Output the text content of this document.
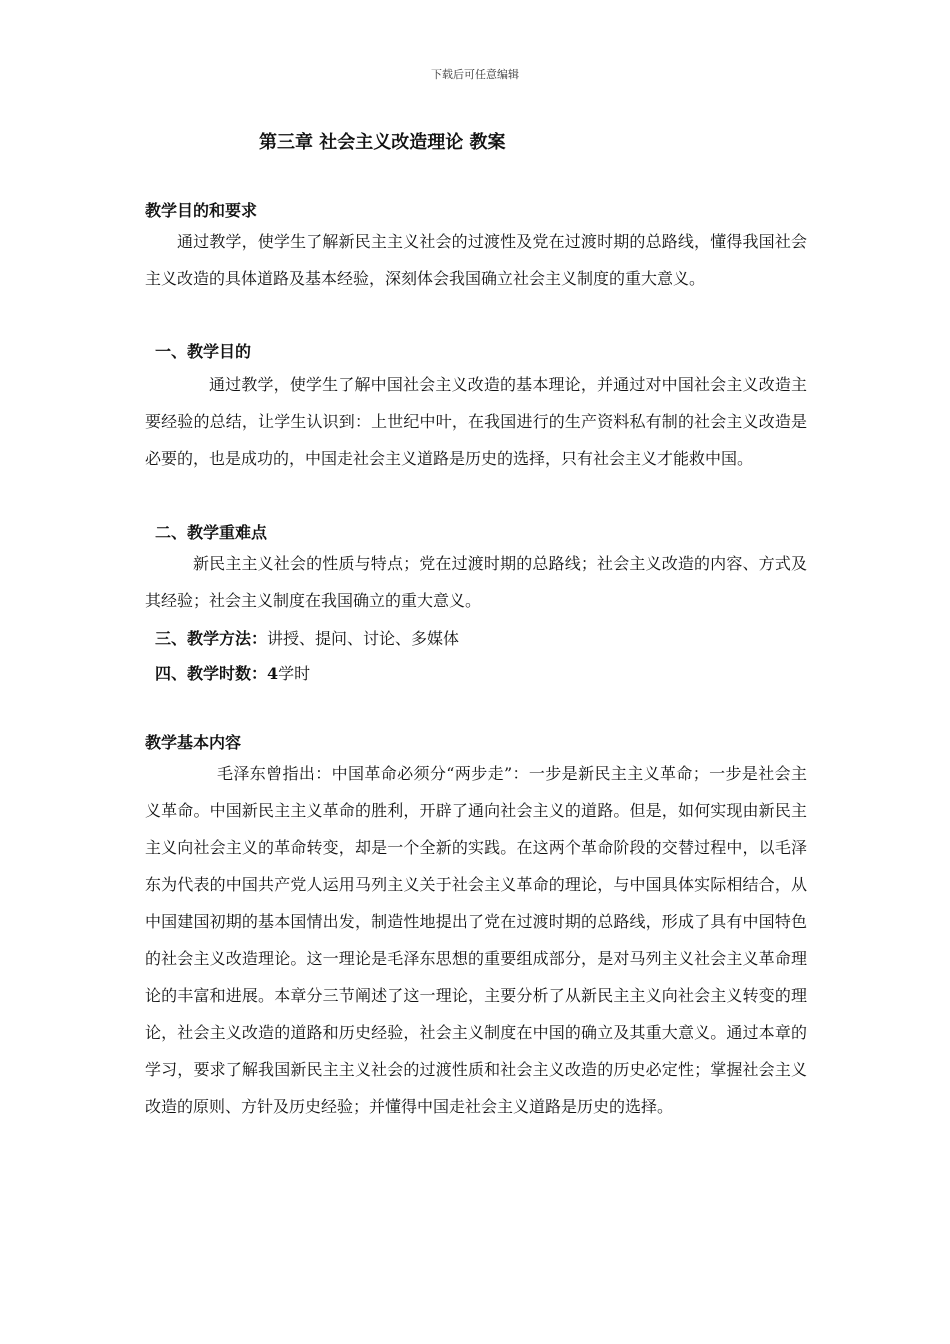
下载后可任意编辑
第三章 社会主义改造理论 教案
教学目的和要求
通过教学，使学生了解新民主主义社会的过渡性及党在过渡时期的总路线，懂得我国社会主义改造的具体道路及基本经验，深刻体会我国确立社会主义制度的重大意义。
一、教学目的
通过教学，使学生了解中国社会主义改造的基本理论，并通过对中国社会主义改造主要经验的总结，让学生认识到：上世纪中叶，在我国进行的生产资料私有制的社会主义改造是必要的，也是成功的，中国走社会主义道路是历史的选择，只有社会主义才能救中国。
二、教学重难点
新民主主义社会的性质与特点；党在过渡时期的总路线；社会主义改造的内容、方式及其经验；社会主义制度在我国确立的重大意义。
三、教学方法：讲授、提问、讨论、多媒体
四、教学时数：4学时
教学基本内容
毛泽东曾指出：中国革命必须分“两步走”：一步是新民主主义革命；一步是社会主义革命。中国新民主主义革命的胜利，开辟了通向社会主义的道路。但是，如何实现由新民主主义向社会主义的革命转变，却是一个全新的实践。在这两个革命阶段的交替过程中，以毛泽东为代表的中国共产党人运用马列主义关于社会主义革命的理论，与中国具体实际相结合，从中国建国初期的基本国情出发，制造性地提出了党在过渡时期的总路线，形成了具有中国特色的社会主义改造理论。这一理论是毛泽东思想的重要组成部分，是对马列主义社会主义革命理论的丰富和进展。本章分三节阐述了这一理论，主要分析了从新民主主义向社会主义转变的理论，社会主义改造的道路和历史经验，社会主义制度在中国的确立及其重大意义。通过本章的学习，要求了解我国新民主主义社会的过渡性质和社会主义改造的历史必定性；掌握社会主义改造的原则、方针及历史经验；并懂得中国走社会主义道路是历史的选择。
